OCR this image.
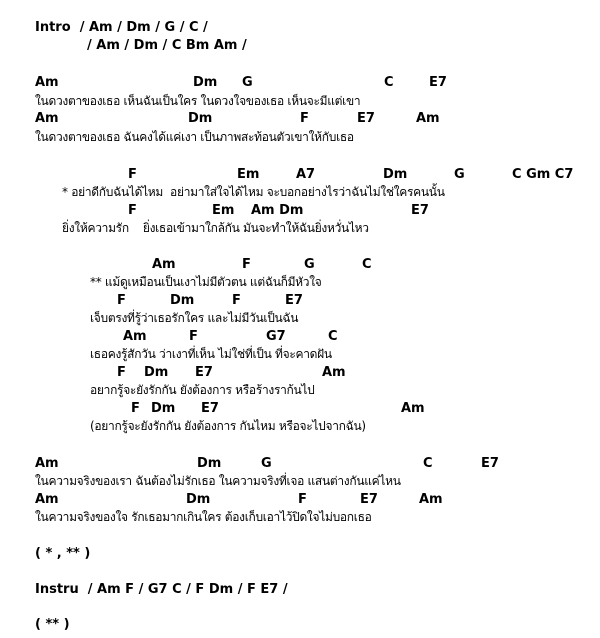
Intro  / Am / Dm / G / C /
/ Am / Dm / C Bm Am /
Am	Dm G	C	E7
ในดวงตาของเธอ เห็นฉันเป็นใคร ในดวงใจของเธอ เห็นจะมีแต่เขา
Am	Dm	F	E7	Am
ในดวงตาของเธอ ฉันคงได้แค่เงา เป็นภาพสะท้อนตัวเขาให้กับเธอ
F	Em	A7	Dm	G	C Gm C7
* อย่าดีกับฉันได้ไหม  อย่ามาใส่ใจได้ไหม จะบอกอย่างไรว่าฉันไม่ใช่ใครคนนั้น
F	Em Am Dm	E7
ยิ่งให้ความรัก    ยิ่งเธอเข้ามาใกล้กัน มันจะทำให้ฉันยิ่งหวั่นไหว
Am	F	G	C
** แม้ดูเหมือนเป็นเงาไม่มีตัวตน แต่ฉันก็มีหัวใจ
F	Dm	F	E7
เจ็บตรงที่รู้ว่าเธอรักใคร และไม่มีวันเป็นฉัน
Am	F	G7	C
เธอคงรู้สักวัน ว่าเงาที่เห็น ไม่ใช่ที่เป็น ที่จะคาดฝัน
F Dm E7	Am
อยากรู้จะยังรักกัน ยังต้องการ หรือร้างราก้นไป
F Dm E7	Am
(อยากรู้จะยังรักกัน ยังต้องการ กันไหม หรือจะไปจากฉัน)
Am	Dm	G	C	E7
ในความจริงของเรา ฉันต้องไม่รักเธอ ในความจริงที่เจอ แสนต่างกันแค่ไหน
Am	Dm	F	E7	Am
ในความจริงของใจ รักเธอมากเกินใคร ต้องเก็บเอาไว้ปิดใจไม่บอกเธอ
( * , ** )
Instru  / Am F / G7 C / F Dm / F E7 /
( ** )
